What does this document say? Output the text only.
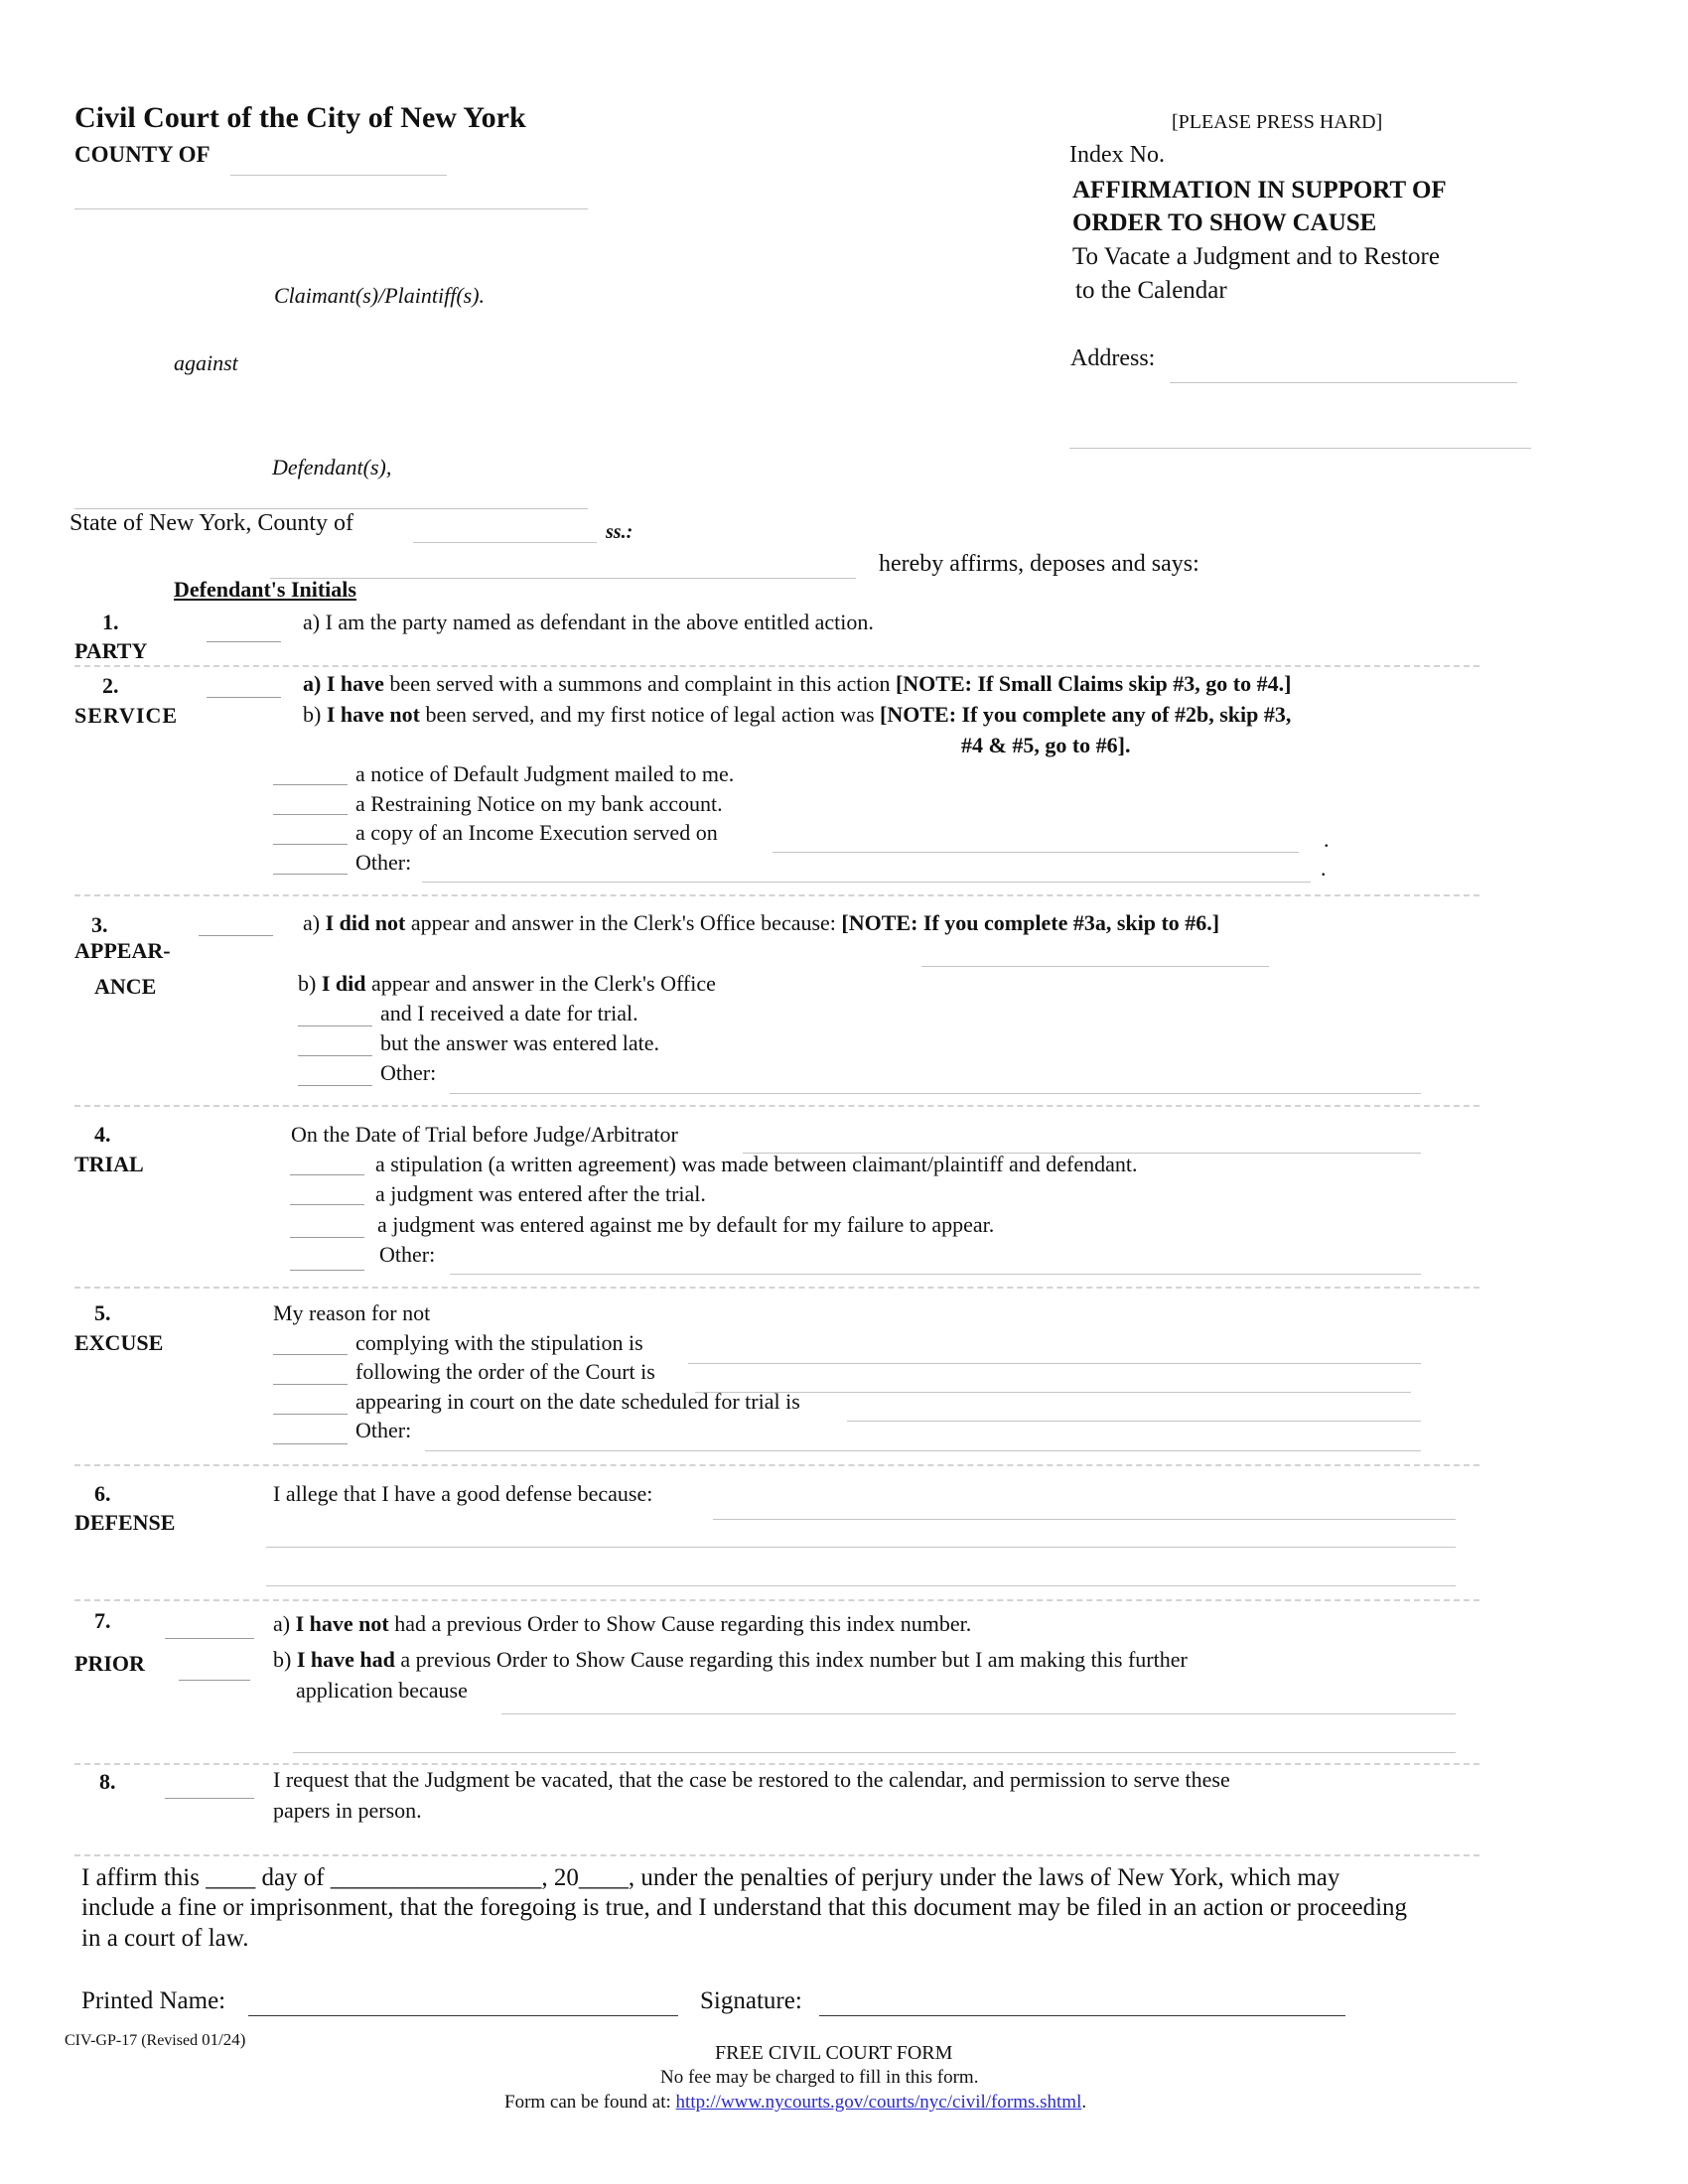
Civil Court of the City of New York
COUNTY OF
[PLEASE PRESS HARD]
Index No.
AFFIRMATION IN SUPPORT OF
ORDER TO SHOW CAUSE
To Vacate a Judgment and to Restore
to the Calendar
Address:
Claimant(s)/Plaintiff(s).
against
Defendant(s),
State of New York, County of	ss.:
hereby affirms, deposes and says:
Defendant's Initials
1.
PARTY
a) I am the party named as defendant in the above entitled action.
2.
SERVICE
a) I have been served with a summons and complaint in this action [NOTE: If Small Claims skip #3, go to #4.]
b) I have not been served, and my first notice of legal action was [NOTE: If you complete any of #2b, skip #3,
#4 & #5, go to #6].
a notice of Default Judgment mailed to me.
a Restraining Notice on my bank account.
a copy of an Income Execution served on	.
Other:	.
3.
APPEAR-
ANCE
a) I did not appear and answer in the Clerk's Office because: [NOTE: If you complete #3a, skip to #6.]
b) I did appear and answer in the Clerk's Office
and I received a date for trial.
but the answer was entered late.
Other:
4.
TRIAL
On the Date of Trial before Judge/Arbitrator
a stipulation (a written agreement) was made between claimant/plaintiff and defendant.
a judgment was entered after the trial.
a judgment was entered against me by default for my failure to appear.
Other:
5.
EXCUSE
My reason for not
complying with the stipulation is
following the order of the Court is
appearing in court on the date scheduled for trial is
Other:
6.
DEFENSE
I allege that I have a good defense because:
7.
PRIOR
a) I have not had a previous Order to Show Cause regarding this index number.
b) I have had a previous Order to Show Cause regarding this index number but I am making this further
application because
8.	I request that the Judgment be vacated, that the case be restored to the calendar, and permission to serve these
papers in person.
I affirm this ____ day of _________________, 20____, under the penalties of perjury under the laws of New York, which may
include a fine or imprisonment, that the foregoing is true, and I understand that this document may be filed in an action or proceeding
in a court of law.
Printed Name:	Signature:
CIV-GP-17 (Revised 01/24)
FREE CIVIL COURT FORM
No fee may be charged to fill in this form.
Form can be found at: http://www.nycourts.gov/courts/nyc/civil/forms.shtml.
